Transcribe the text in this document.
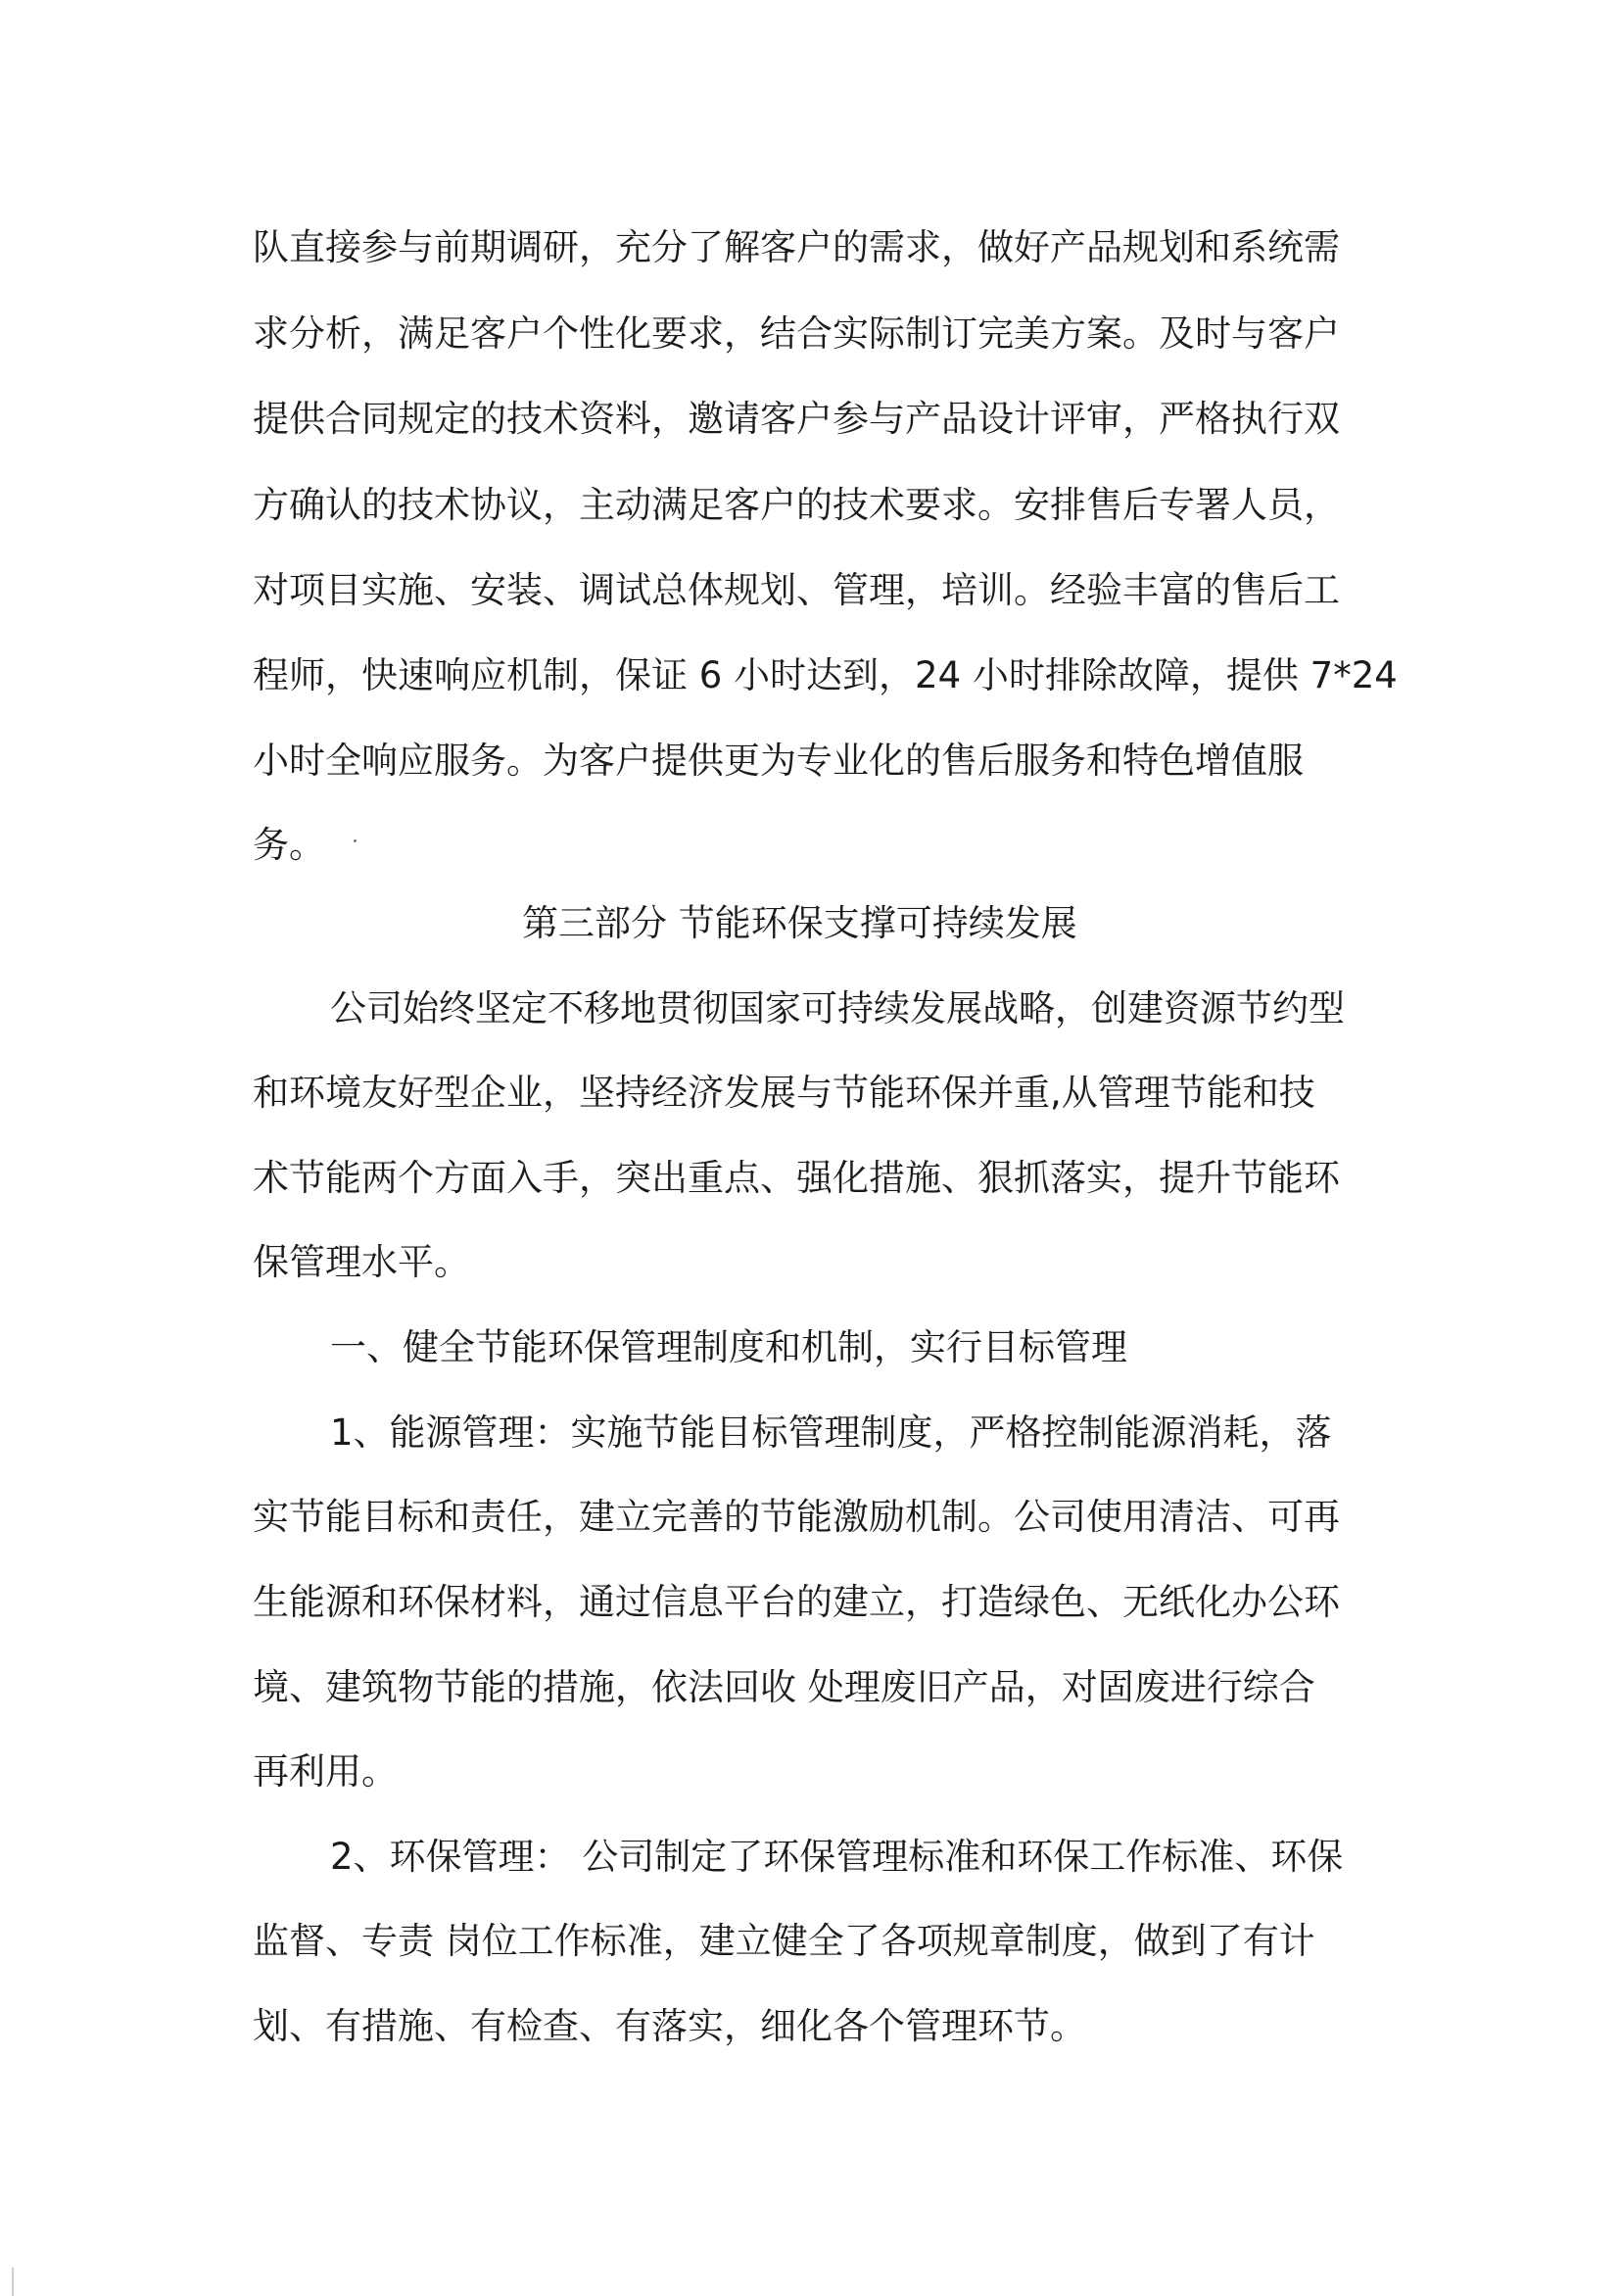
队直接参与前期调研，充分了解客户的需求，做好产品规划和系统需
求分析，满足客户个性化要求，结合实际制订完美方案。及时与客户
提供合同规定的技术资料，邀请客户参与产品设计评审，严格执行双
方确认的技术协议，主动满足客户的技术要求。安排售后专署人员，
对项目实施、安装、调试总体规划、管理，培训。经验丰富的售后工
程师，快速响应机制，保证 6 小时达到，24 小时排除故障，提供 7*24
小时全响应服务。为客户提供更为专业化的售后服务和特色增值服
务。
第三部分 节能环保支撑可持续发展
公司始终坚定不移地贯彻国家可持续发展战略，创建资源节约型
和环境友好型企业，坚持经济发展与节能环保并重,从管理节能和技
术节能两个方面入手，突出重点、强化措施、狠抓落实，提升节能环
保管理水平。
一、健全节能环保管理制度和机制，实行目标管理
1、能源管理：实施节能目标管理制度，严格控制能源消耗，落
实节能目标和责任，建立完善的节能激励机制。公司使用清洁、可再
生能源和环保材料，通过信息平台的建立，打造绿色、无纸化办公环
境、建筑物节能的措施，依法回收 处理废旧产品，对固废进行综合
再利用。
2、环保管理： 公司制定了环保管理标准和环保工作标准、环保
监督、专责 岗位工作标准，建立健全了各项规章制度，做到了有计
划、有措施、有检查、有落实，细化各个管理环节。
